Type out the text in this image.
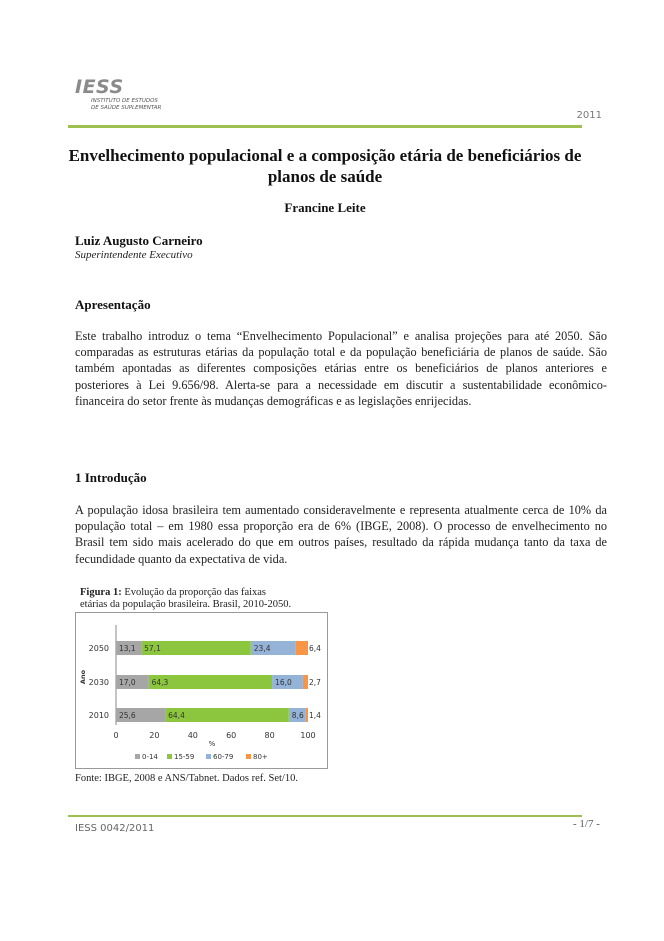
IESS
INSTITUTO DE ESTUDOS
DE SAÚDE SUPLEMENTAR
2011
Envelhecimento populacional e a composição etária de beneficiários de planos de saúde
Francine Leite
Luiz Augusto Carneiro
Superintendente Executivo
Apresentação
Este trabalho introduz o tema “Envelhecimento Populacional” e analisa projeções para até 2050. São comparadas as estruturas etárias da população total e da população beneficiária de planos de saúde. São também apontadas as diferentes composições etárias entre os beneficiários de planos anteriores e posteriores à Lei 9.656/98. Alerta-se para a necessidade em discutir a sustentabilidade econômico-financeira do setor frente às mudanças demográficas e as legislações enrijecidas.
1 Introdução
A população idosa brasileira tem aumentado consideravelmente e representa atualmente cerca de 10% da população total – em 1980 essa proporção era de 6% (IBGE, 2008). O processo de envelhecimento no Brasil tem sido mais acelerado do que em outros países, resultado da rápida mudança tanto da taxa de fecundidade quanto da expectativa de vida.
Figura 1: Evolução da proporção das faixas
etárias da população brasileira. Brasil, 2010-2050.
2050 13,1 57,1	23,4	6,4
2030 17,0 64,3	16,0 2,7
2010 25,6	64,4	8,6 1,4
Ano
0	20	40	60	80	100
%
0-14 15-59	60-79	80+
Fonte: IBGE, 2008 e ANS/Tabnet. Dados ref. Set/10.
IESS 0042/2011	- 1/7 -
